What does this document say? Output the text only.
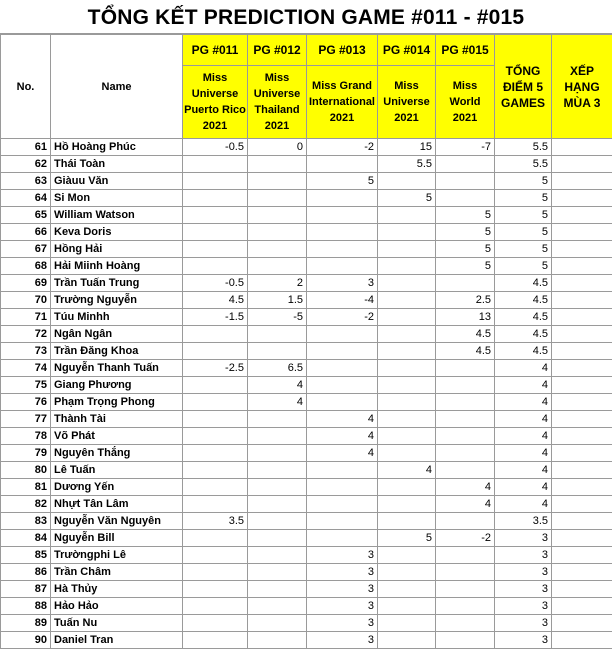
TỔNG KẾT PREDICTION GAME #011 - #015
No.	Name	PG #011	PG #012	PG #013	PG #014	PG #015	TỔNG ĐIỂM 5 GAMES	XẾP HẠNG MÙA 3
		Miss Universe Puerto Rico 2021	Miss Universe Thailand 2021	Miss Grand International 2021	Miss Universe 2021	Miss World 2021		
61	Hồ Hoàng Phúc	-0.5	0	-2	15	-7	5.5	
62	Thái Toàn				5.5		5.5	
63	Giàuu Văn			5			5	
64	Si Mon				5		5	
65	William Watson					5	5	
66	Keva Doris					5	5	
67	Hồng Hải					5	5	
68	Hải Miinh Hoàng					5	5	
69	Trần Tuấn Trung	-0.5	2	3			4.5	
70	Trường Nguyễn	4.5	1.5	-4		2.5	4.5	
71	Túu Minhh	-1.5	-5	-2		13	4.5	
72	Ngân Ngân					4.5	4.5	
73	Trần Đăng Khoa					4.5	4.5	
74	Nguyễn Thanh Tuấn	-2.5	6.5				4	
75	Giang Phương		4				4	
76	Phạm Trọng Phong		4				4	
77	Thành Tài			4			4	
78	Võ Phát			4			4	
79	Nguyên Thắng			4			4	
80	Lê Tuấn				4		4	
81	Dương Yến					4	4	
82	Nhựt Tân Lâm					4	4	
83	Nguyễn Văn Nguyên	3.5					3.5	
84	Nguyễn Bill				5	-2	3	
85	Trườngphi Lê			3			3	
86	Trần Châm			3			3	
87	Hà Thủy			3			3	
88	Hảo Hảo			3			3	
89	Tuấn Nu			3			3	
90	Daniel Tran			3			3	
